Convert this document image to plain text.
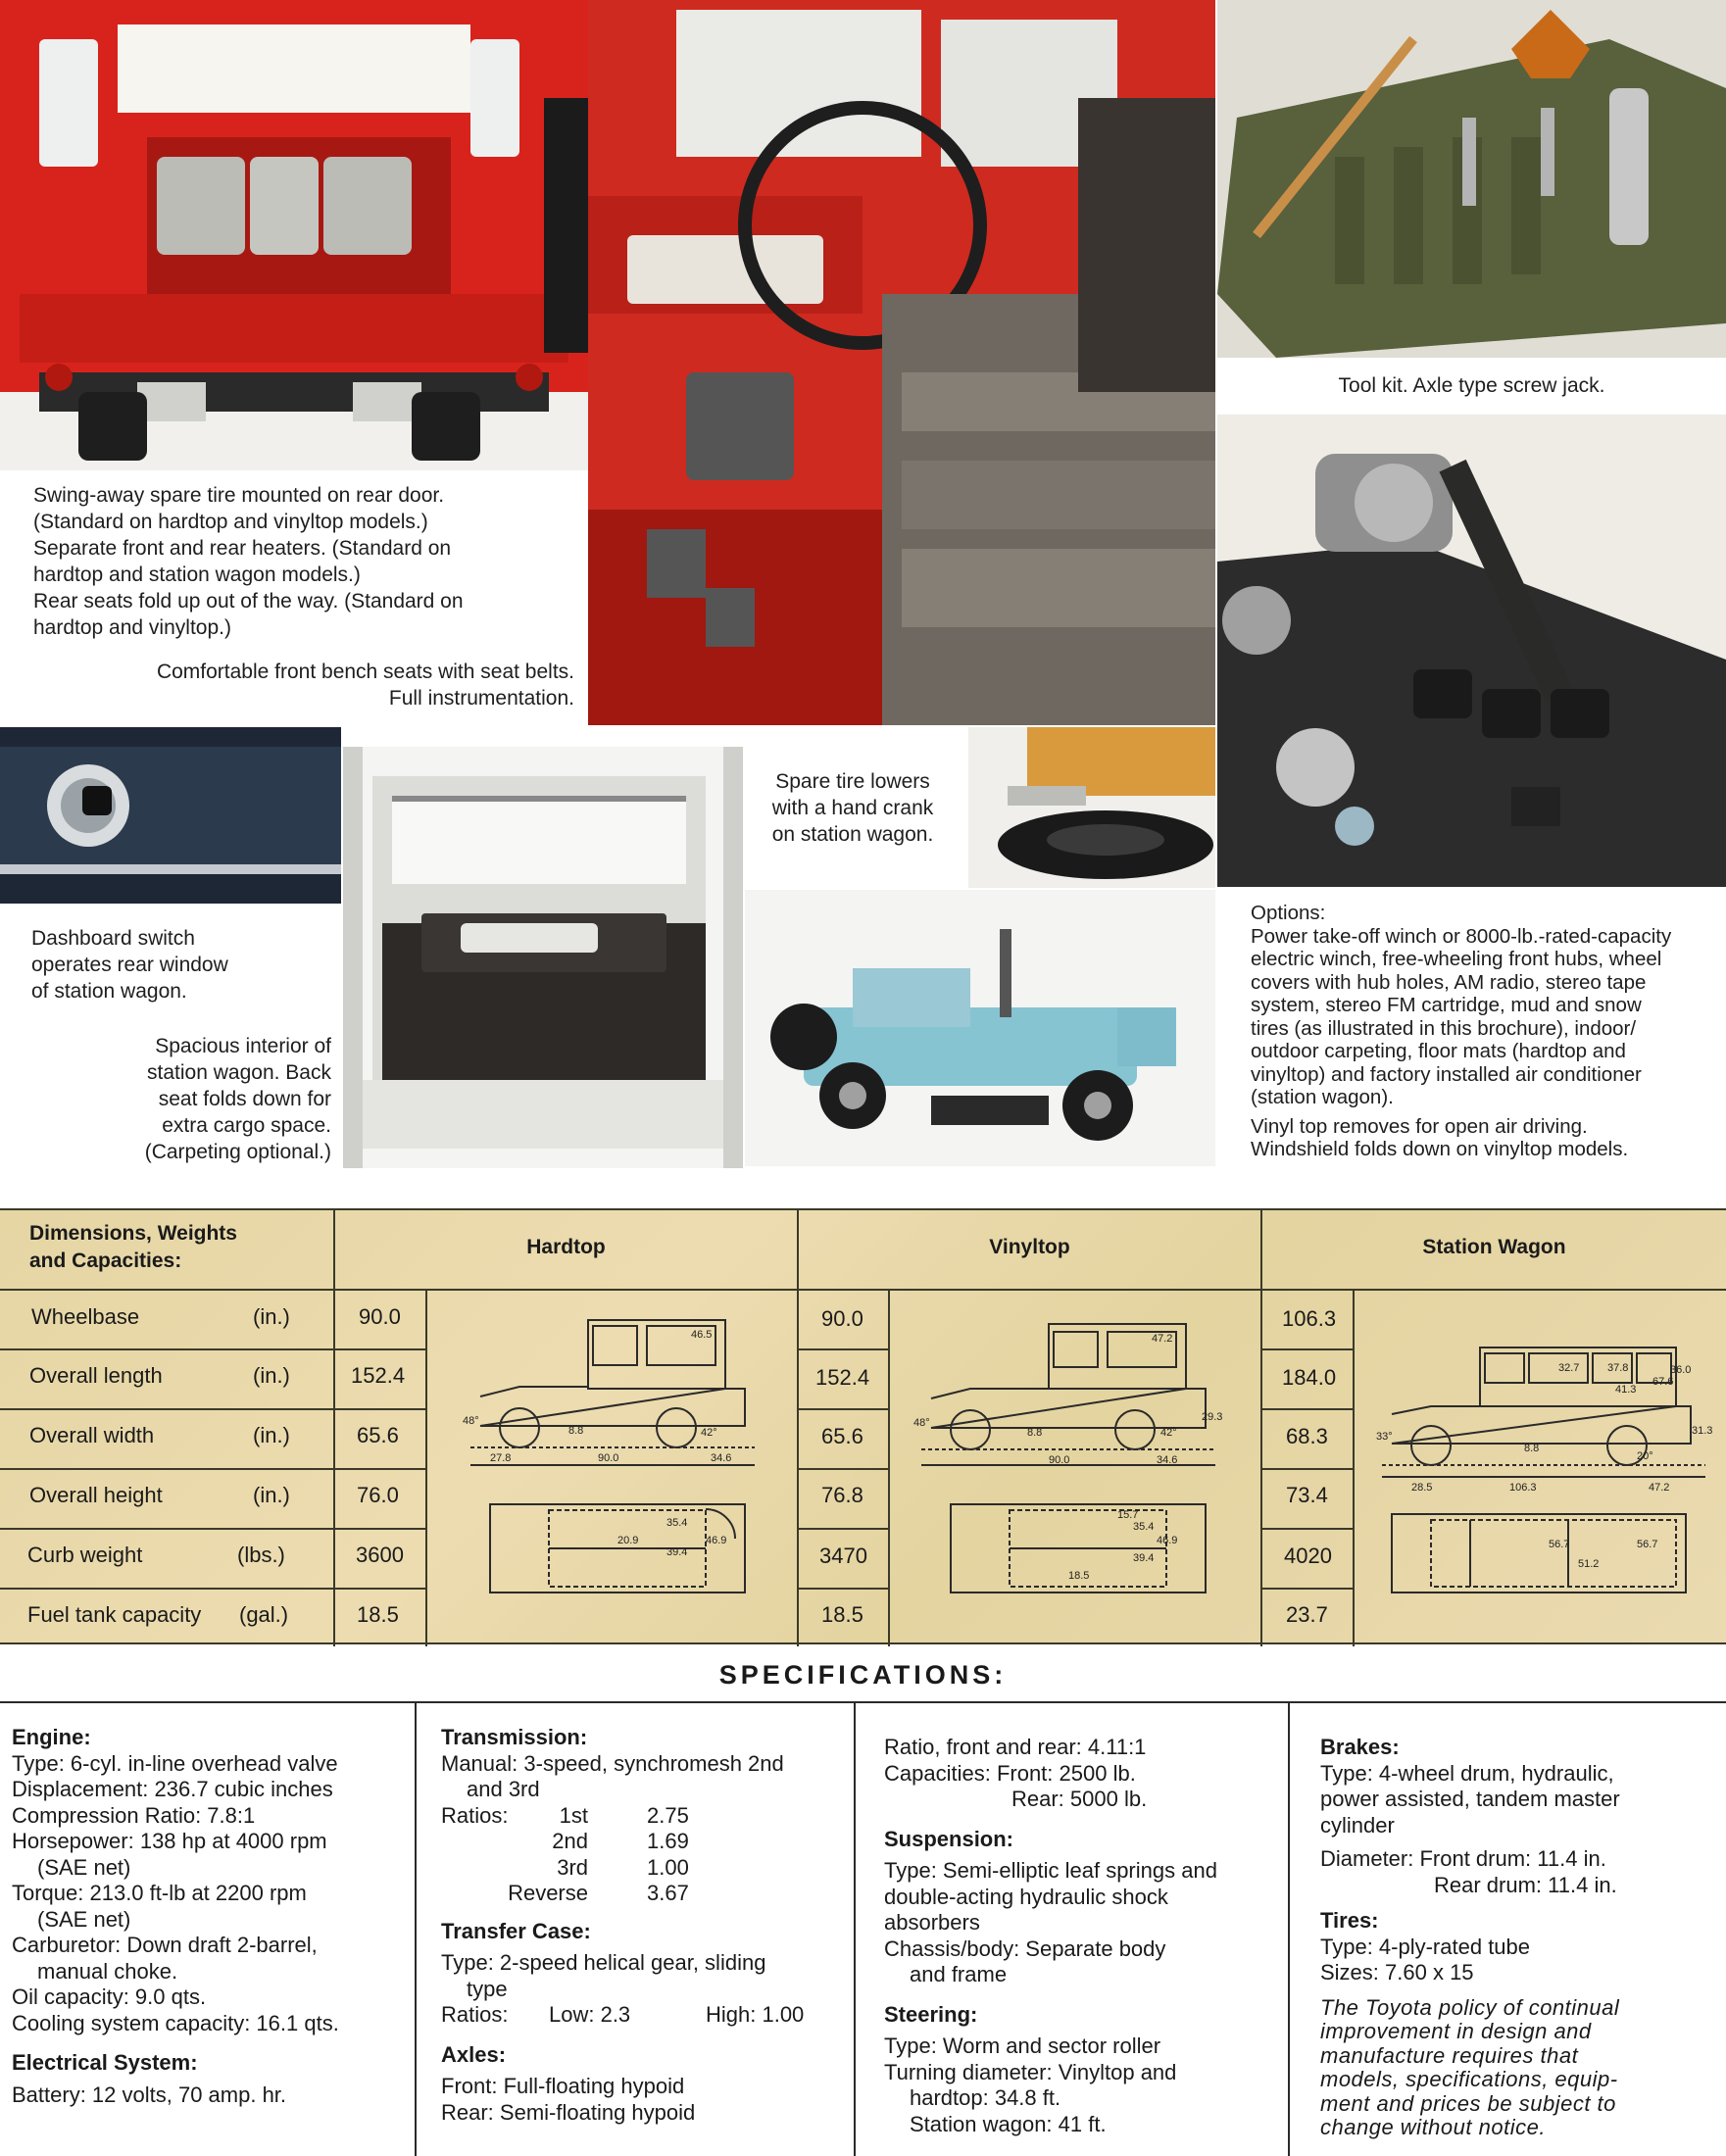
Swing-away spare tire mounted on rear door.

(Standard on hardtop and vinyltop models.)

Separate front and rear heaters. (Standard on

hardtop and station wagon models.)

Rear seats fold up out of the way. (Standard on

hardtop and vinyltop.)

Comfortable front bench seats with seat belts.

Full instrumentation.

Tool kit. Axle type screw jack.

Dashboard switch

operates rear window

of station wagon.

Spacious interior of

station wagon. Back

seat folds down for

extra cargo space.

(Carpeting optional.)

Spare tire lowers

with a hand crank

on station wagon.

Options:

Power take-off winch or 8000-lb.-rated-capacity

electric winch, free-wheeling front hubs, wheel

covers with hub holes, AM radio, stereo tape

system, stereo FM cartridge, mud and snow

tires (as illustrated in this brochure), indoor/

outdoor carpeting, floor mats (hardtop and

vinyltop) and factory installed air conditioner

(station wagon).

Vinyl top removes for open air driving.

Windshield folds down on vinyltop models.

Dimensions, Weights
and Capacities:
Hardtop	Vinyltop	Station Wagon
Wheelbase	(in.)	90.0	90.0	106.3
Overall length	(in.)	152.4	152.4	184.0
Overall width	(in.)	65.6	65.6	68.3
Overall height	(in.)	76.0	76.8	73.4
Curb weight	(lbs.)	3600	3470	4020
Fuel tank capacity (gal.)	18.5	18.5	23.7
46.5
48°
8.8	42°
27.8	90.0	34.6
35.4
20.9	46.9
39.4
47.2
48°
8.8	42°
29.3
90.0	34.6
15.7
35.4
46.9
39.4
18.5
32.7	37.8	36.0
41.3
67.6
33°
8.8
20°
31.3
28.5	106.3	47.2
56.7	56.7
51.2
SPECIFICATIONS:
Engine:
Type: 6-cyl. in-line overhead valve
Displacement: 236.7 cubic inches
Compression Ratio: 7.8:1
Horsepower: 138 hp at 4000 rpm
(SAE net)
Torque: 213.0 ft-lb at 2200 rpm
(SAE net)
Carburetor: Down draft 2-barrel,
manual choke.
Oil capacity: 9.0 qts.
Cooling system capacity: 16.1 qts.
Electrical System:
Battery: 12 volts, 70 amp. hr.
Transmission:
Manual: 3-speed, synchromesh 2nd
and 3rd
Ratios:	1st	2.75
2nd	1.69
3rd	1.00
Reverse	3.67
Transfer Case:
Type: 2-speed helical gear, sliding
type
Ratios:	Low: 2.3	High: 1.00
Axles:
Front: Full-floating hypoid
Rear: Semi-floating hypoid
Ratio, front and rear: 4.11:1
Capacities: Front: 2500 lb.
Rear: 5000 lb.
Suspension:
Type: Semi-elliptic leaf springs and
double-acting hydraulic shock
absorbers
Chassis/body: Separate body
and frame
Steering:
Type: Worm and sector roller
Turning diameter: Vinyltop and
hardtop: 34.8 ft.
Station wagon: 41 ft.
Brakes:
Type: 4-wheel drum, hydraulic,
power assisted, tandem master
cylinder
Diameter: Front drum: 11.4 in.
Rear drum: 11.4 in.
Tires:
Type: 4-ply-rated tube
Sizes: 7.60 x 15
The Toyota policy of continual
improvement in design and
manufacture requires that
models, specifications, equip-
ment and prices be subject to
change without notice.
